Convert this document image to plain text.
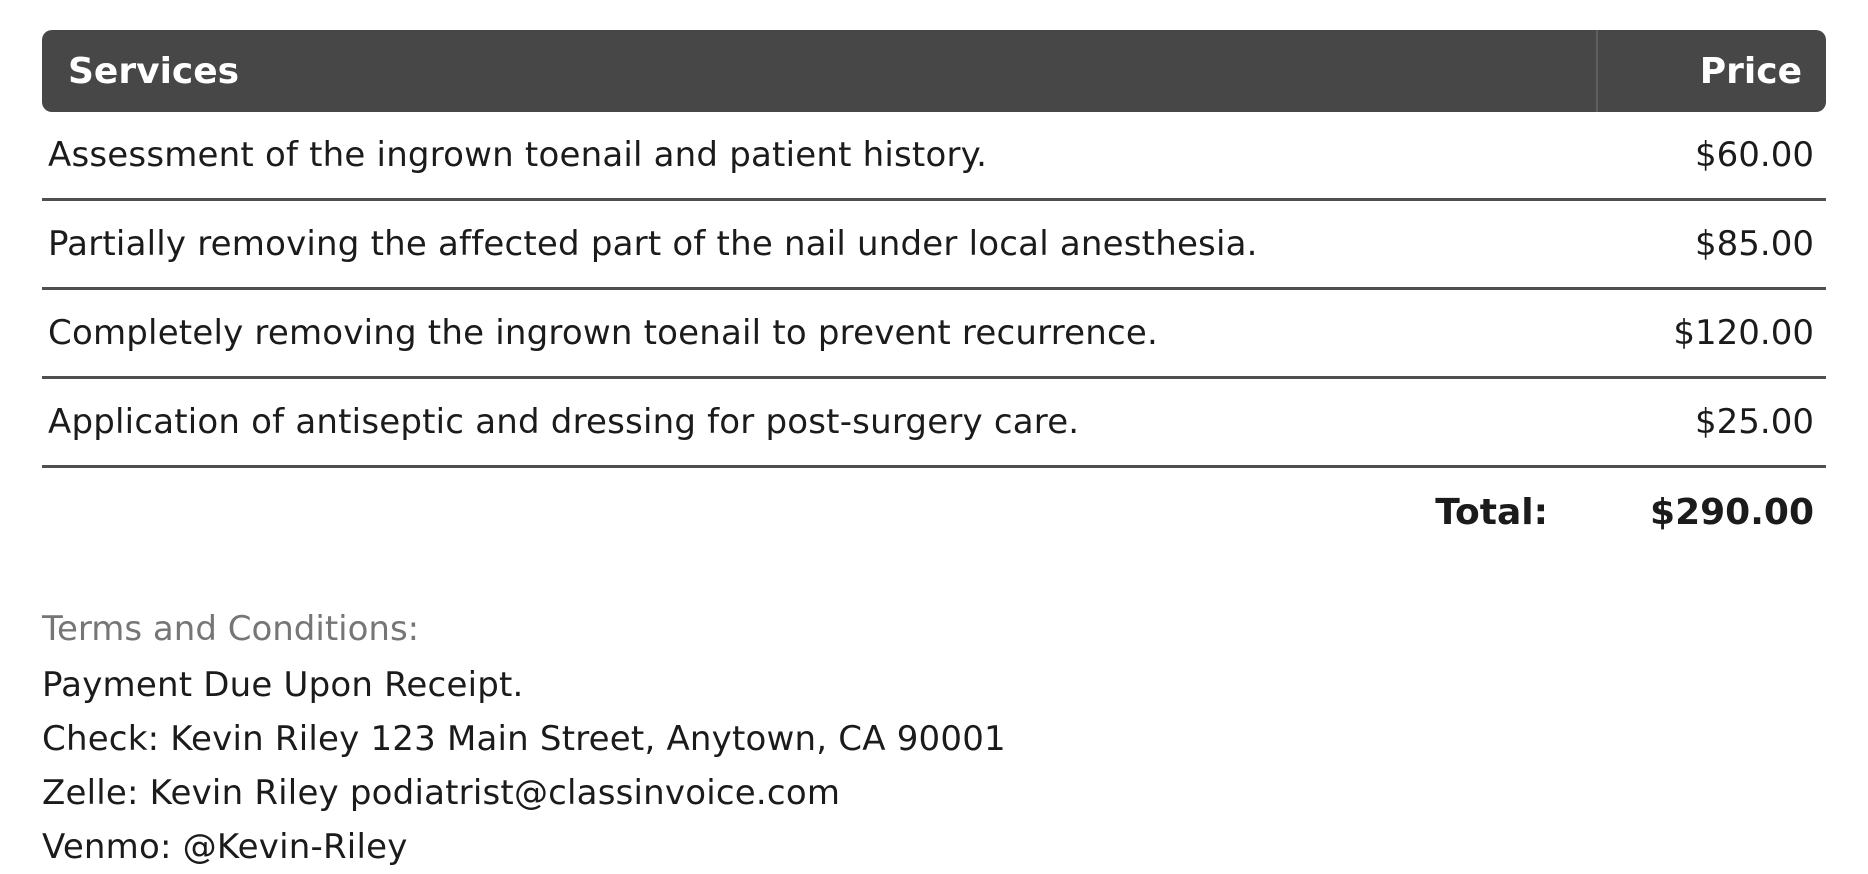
Services	Price
Assessment of the ingrown toenail and patient history.	$60.00
Partially removing the affected part of the nail under local anesthesia.	$85.00
Completely removing the ingrown toenail to prevent recurrence.	$120.00
Application of antiseptic and dressing for post-surgery care.	$25.00
Total:	$290.00
Terms and Conditions:
Payment Due Upon Receipt.
Check: Kevin Riley 123 Main Street, Anytown, CA 90001
Zelle: Kevin Riley podiatrist@classinvoice.com
Venmo: @Kevin-Riley
